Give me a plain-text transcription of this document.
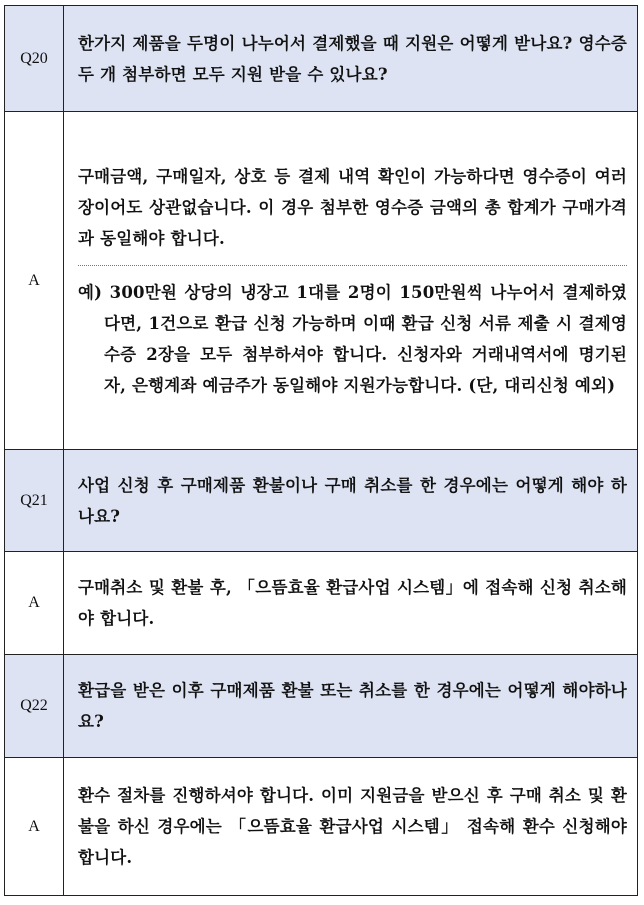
Q20	한가지 제품을 두명이 나누어서 결제했을 때 지원은 어떻게 받나요? 영수증 두 개 첨부하면 모두 지원 받을 수 있나요?
A	구매금액, 구매일자, 상호 등 결제 내역 확인이 가능하다면 영수증이 여러 장이어도 상관없습니다. 이 경우 첨부한 영수증 금액의 총 합계가 구매가격과 동일해야 합니다.
예) 300만원 상당의 냉장고 1대를 2명이 150만원씩 나누어서 결제하였다면, 1건으로 환급 신청 가능하며 이때 환급 신청 서류 제출 시 결제영수증 2장을 모두 첨부하셔야 합니다. 신청자와 거래내역서에 명기된 자, 은행계좌 예금주가 동일해야 지원가능합니다. (단, 대리신청 예외)

Q21	사업 신청 후 구매제품 환불이나 구매 취소를 한 경우에는 어떻게 해야 하나요?
A	구매취소 및 환불 후, 「으뜸효율 환급사업 시스템」에 접속해 신청 취소해야 합니다.
Q22	환급을 받은 이후 구매제품 환불 또는 취소를 한 경우에는 어떻게 해야하나요?
A	환수 절차를 진행하셔야 합니다. 이미 지원금을 받으신 후 구매 취소 및 환불을 하신 경우에는 「으뜸효율 환급사업 시스템」 접속해 환수 신청해야 합니다.
